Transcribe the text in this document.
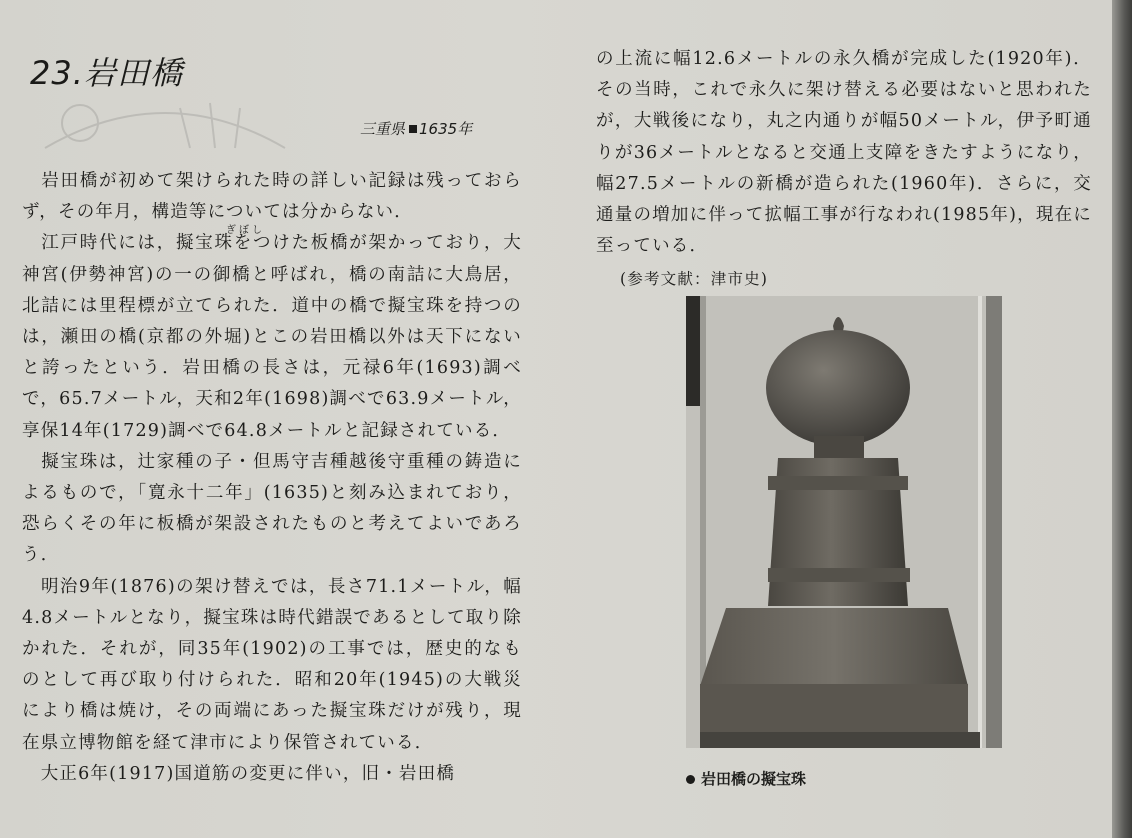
23.岩田橋
三重県 1635年

　岩田橋が初めて架けられた時の詳しい記録は残っておらず，その年月，構造等については分からない．

　江戸時代には，擬宝珠をつけた板橋が架かっており，大神宮(伊勢神宮)の一の御橋と呼ばれ，橋の南詰に大鳥居，北詰には里程標が立てられた．道中の橋で擬宝珠を持つのは，瀬田の橋(京都の外堀)とこの岩田橋以外は天下にないと誇ったという．岩田橋の長さは，元禄6年(1693)調べで，65.7メートル，天和2年(1698)調べで63.9メートル，享保14年(1729)調べで64.8メートルと記録されている．

　擬宝珠は，辻家種の子・但馬守吉種越後守重種の鋳造によるもので，「寛永十二年」(1635)と刻み込まれており，恐らくその年に板橋が架設されたものと考えてよいであろう．

　明治9年(1876)の架け替えでは，長さ71.1メートル，幅4.8メートルとなり，擬宝珠は時代錯誤であるとして取り除かれた．それが，同35年(1902)の工事では，歴史的なものとして再び取り付けられた．昭和20年(1945)の大戦災により橋は焼け，その両端にあった擬宝珠だけが残り，現在県立博物館を経て津市により保管されている．

　大正6年(1917)国道筋の変更に伴い，旧・岩田橋

ぎぼし

の上流に幅12.6メートルの永久橋が完成した(1920年)．その当時，これで永久に架け替える必要はないと思われたが，大戦後になり，丸之内通りが幅50メートル，伊予町通りが36メートルとなると交通上支障をきたすようになり，幅27.5メートルの新橋が造られた(1960年)．さらに，交通量の増加に伴って拡幅工事が行なわれ(1985年)，現在に至っている．

(参考文献：津市史)

岩田橋の擬宝珠
